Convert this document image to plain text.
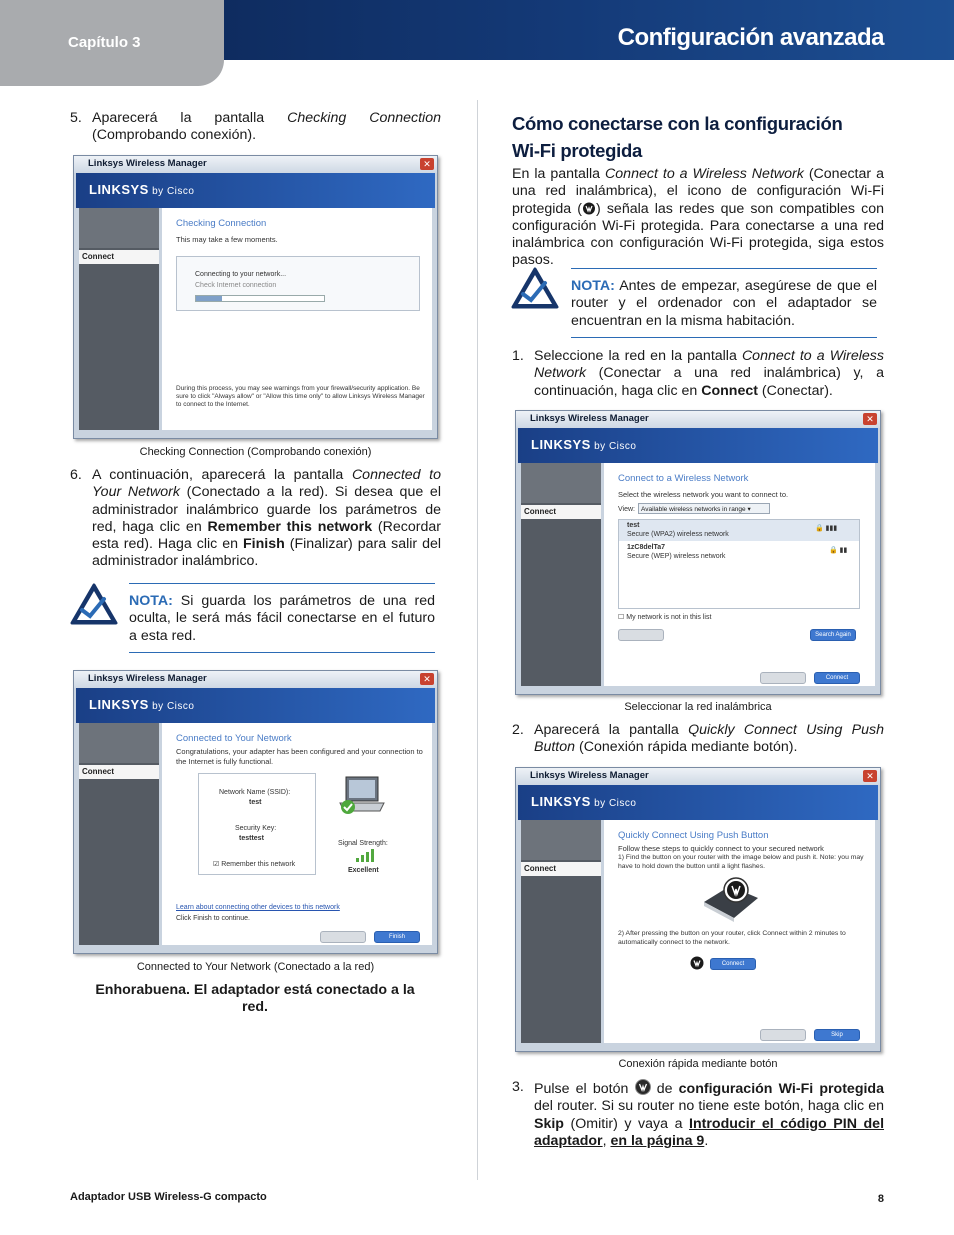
Capítulo 3	Configuración avanzada
5. Aparecerá la pantalla Checking Connection (Comprobando conexión).
Linksys Wireless Manager	✕
LINKSYS by Cisco
Connect
Checking Connection
This may take a few moments.
Connecting to your network...
Check Internet connection
During this process, you may see warnings from your firewall/security application. Be sure to click "Always allow" or "Allow this time only" to allow Linksys Wireless Manager to connect to the Internet.
Checking Connection (Comprobando conexión)
6. A continuación, aparecerá la pantalla Connected to Your Network (Conectado a la red). Si desea que el administrador inalámbrico guarde los parámetros de red, haga clic en Remember this network (Recordar esta red). Haga clic en Finish (Finalizar) para salir del administrador inalámbrico.
NOTA: Si guarda los parámetros de una red oculta, le será más fácil conectarse en el futuro a esta red.
Linksys Wireless Manager	✕
LINKSYS by Cisco
Connect
Connected to Your Network
Congratulations, your adapter has been configured and your connection to the Internet is fully functional.
Network Name (SSID):
test
Security Key:
testtest
☑ Remember this network
Signal Strength:
Excellent
Learn about connecting other devices to this network
Click Finish to continue.
Finish
Connected to Your Network (Conectado a la red)
Enhorabuena. El adaptador está conectado a la red.
Cómo conectarse con la configuración Wi-Fi protegida
En la pantalla Connect to a Wireless Network (Conectar a una red inalámbrica), el icono de configuración Wi-Fi protegida ( ) señala las redes que son compatibles con configuración Wi-Fi protegida. Para conectarse a una red inalámbrica con configuración Wi-Fi protegida, siga estos pasos.
NOTA: Antes de empezar, asegúrese de que el router y el ordenador con el adaptador se encuentran en la misma habitación.
1. Seleccione la red en la pantalla Connect to a Wireless Network (Conectar a una red inalámbrica) y, a continuación, haga clic en Connect (Conectar).
Linksys Wireless Manager	✕
LINKSYS by Cisco
Connect
Connect to a Wireless Network
Select the wireless network you want to connect to.
View: Available wireless networks in range ▾
test
Secure (WPA2) wireless network
🔒 ▮▮▮
1zC8delTa7
Secure (WEP) wireless network
🔒 ▮▮
☐ My network is not in this list
Search Again
Connect
Seleccionar la red inalámbrica
2. Aparecerá la pantalla Quickly Connect Using Push Button (Conexión rápida mediante botón).
Linksys Wireless Manager	✕
LINKSYS by Cisco
Connect
Quickly Connect Using Push Button
Follow these steps to quickly connect to your secured network
1) Find the button on your router with the image below and push it. Note: you may have to hold down the button until a light flashes.
2) After pressing the button on your router, click Connect within 2 minutes to automatically connect to the network.
Connect
Skip
Conexión rápida mediante botón
3. Pulse el botón  de configuración Wi-Fi protegida del router. Si su router no tiene este botón, haga clic en Skip (Omitir) y vaya a Introducir el código PIN del adaptador, en la página 9.
Adaptador USB Wireless-G compacto	8
